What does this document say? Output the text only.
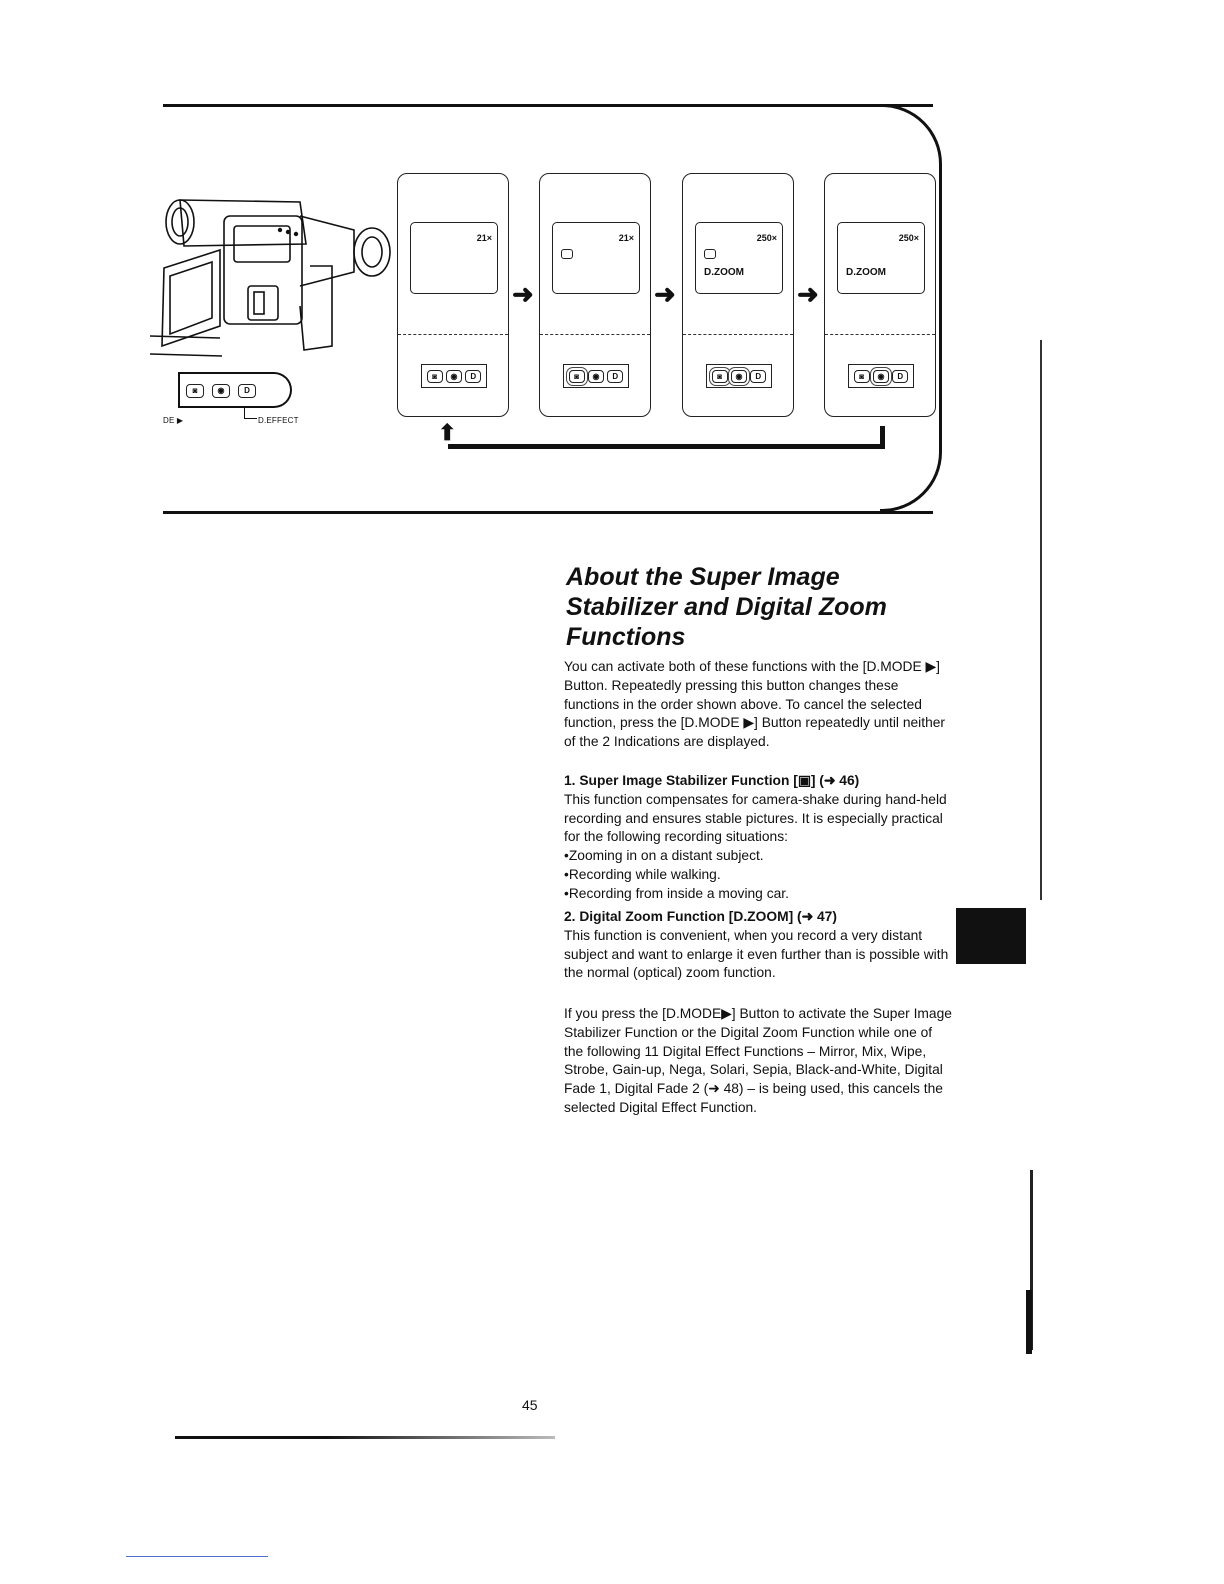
◙	◉	D
DE ▶	D.EFFECT
21×
◙	◉	D
➜
21×
◙	◉	D
➜
250×
D.ZOOM
◙	◉	D
➜
250×
D.ZOOM
◙	◉	D
⬆
About the Super Image
Stabilizer and Digital Zoom
Functions

You can activate both of these functions with the [D.MODE ▶] Button. Repeatedly pressing this button changes these functions in the order shown above. To cancel the selected function, press the [D.MODE ▶] Button repeatedly until neither of the 2 Indications are displayed.

1. Super Image Stabilizer Function [▣] (➜ 46)
This function compensates for camera-shake during hand-held recording and ensures stable pictures. It is especially practical for the following recording situations:
• Zooming in on a distant subject.
• Recording while walking.
• Recording from inside a moving car.
2. Digital Zoom Function [D.ZOOM] (➜ 47)
This function is convenient, when you record a very distant subject and want to enlarge it even further than is possible with the normal (optical) zoom function.

If you press the [D.MODE▶] Button to activate the Super Image Stabilizer Function or the Digital Zoom Function while one of the following 11 Digital Effect Functions – Mirror, Mix, Wipe, Strobe, Gain-up, Nega, Solari, Sepia, Black-and-White, Digital Fade 1, Digital Fade 2 (➜ 48) – is being used, this cancels the selected Digital Effect Function.

45
